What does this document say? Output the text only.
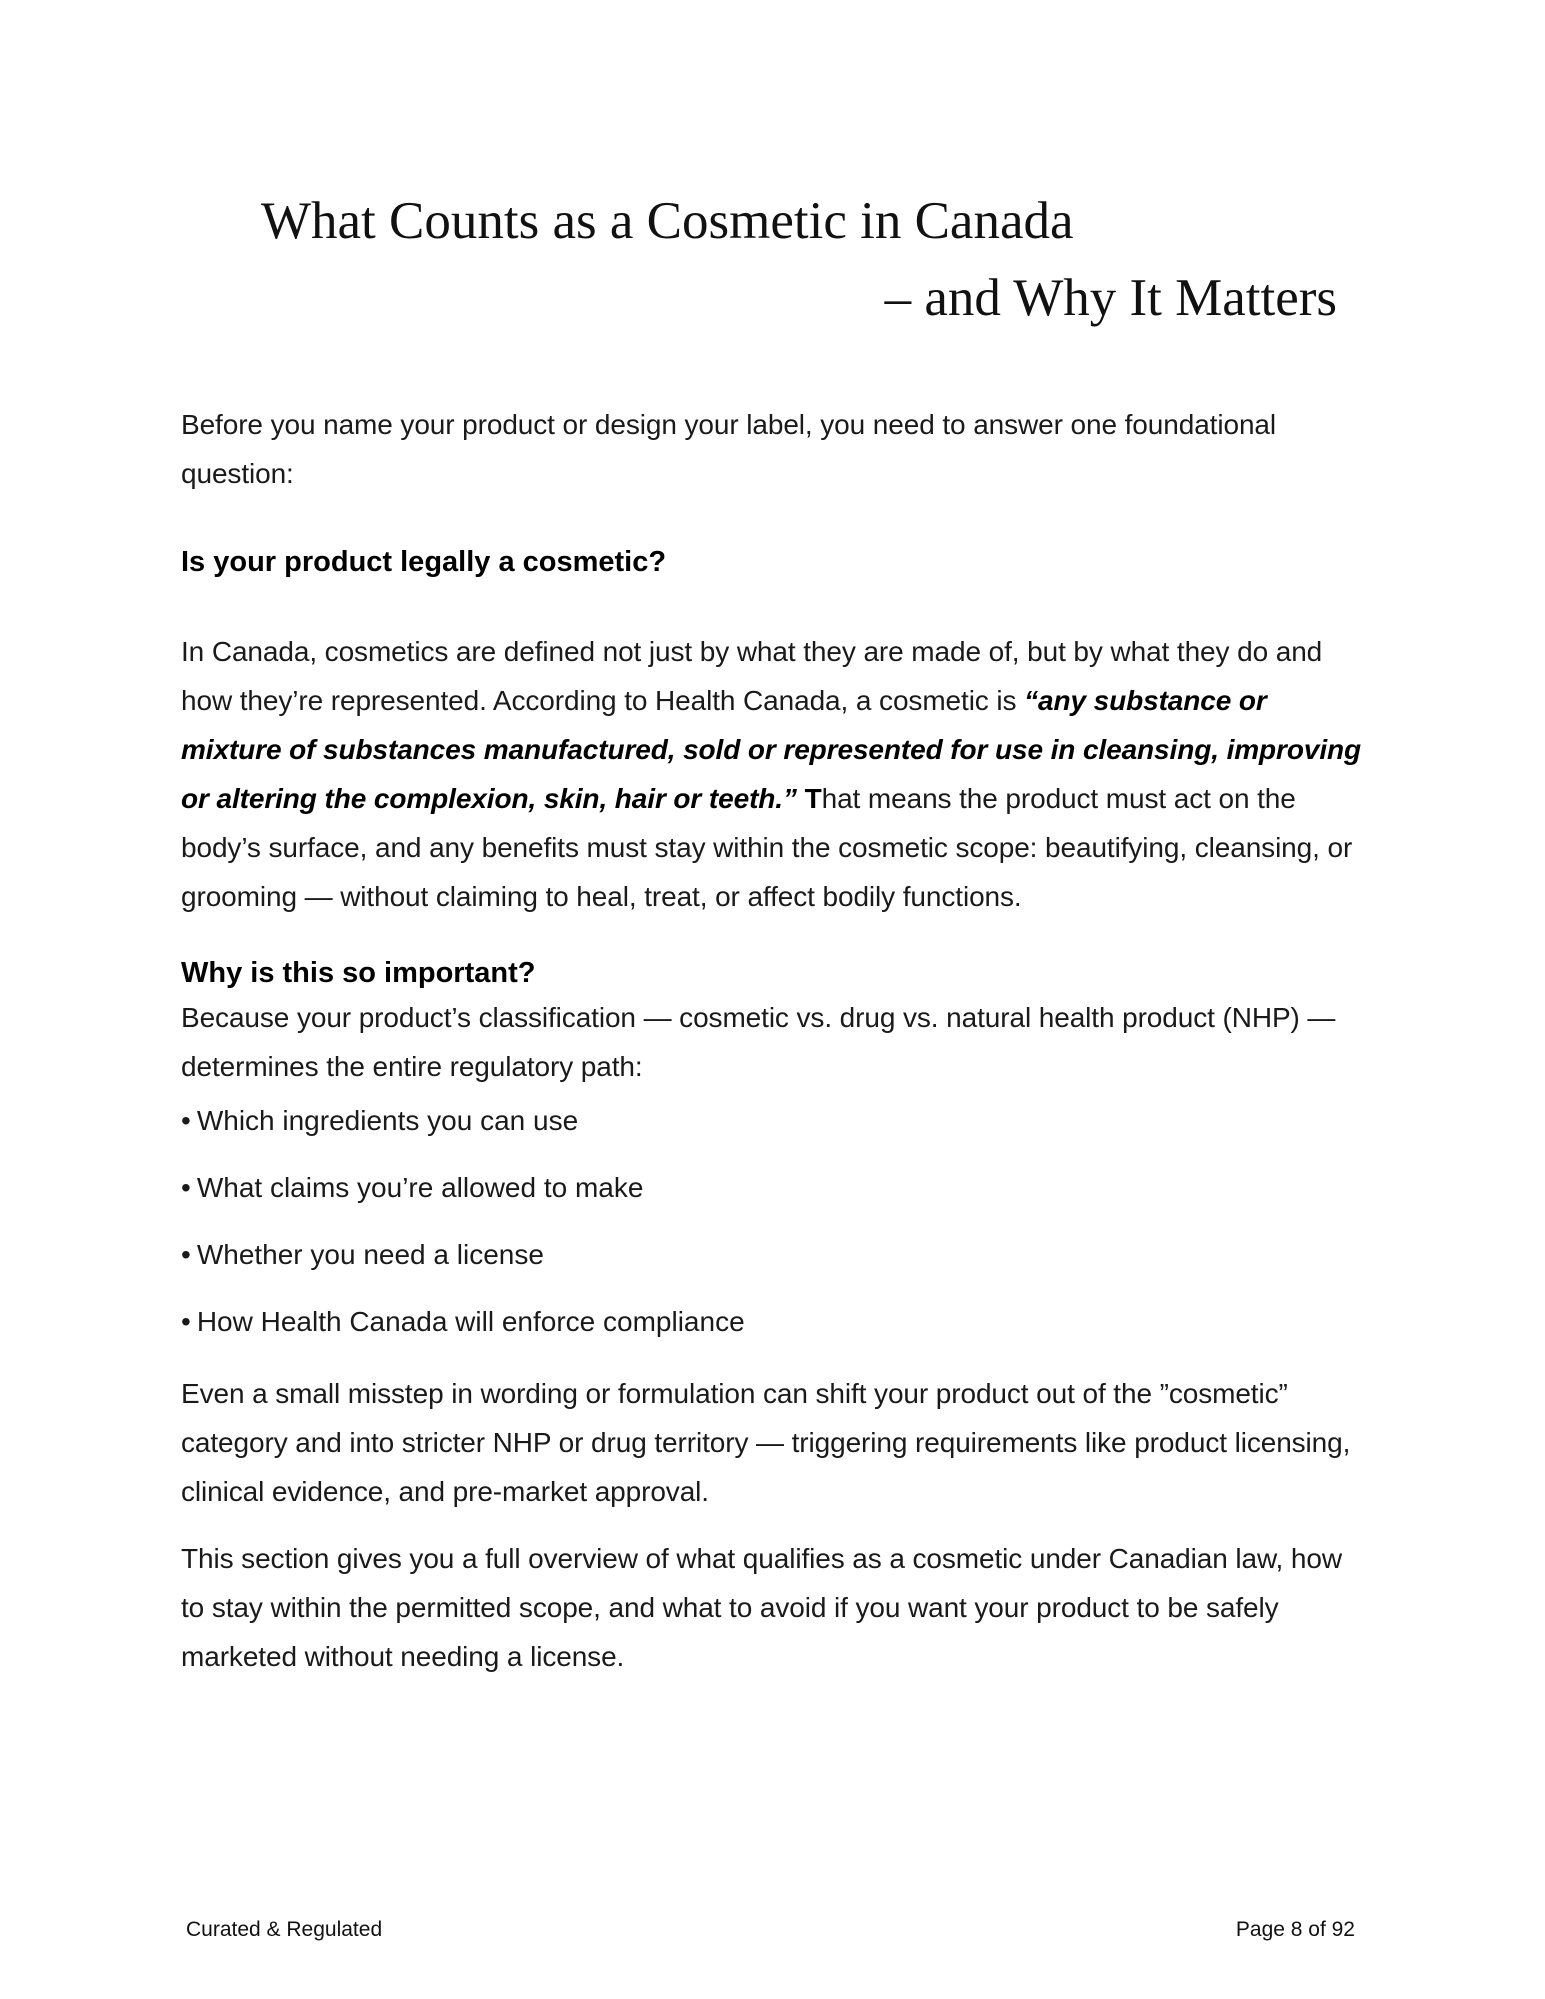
What Counts as a Cosmetic in Canada
– and Why It Matters

Before you name your product or design your label, you need to answer one foundational question:

Is your product legally a cosmetic?

In Canada, cosmetics are defined not just by what they are made of, but by what they do and how they’re represented. According to Health Canada, a cosmetic is “any substance or mixture of substances manufactured, sold or represented for use in cleansing, improving or altering the complexion, skin, hair or teeth.” That means the product must act on the body’s surface, and any benefits must stay within the cosmetic scope: beautifying, cleansing, or grooming — without claiming to heal, treat, or affect bodily functions.

Why is this so important?

Because your product’s classification — cosmetic vs. drug vs. natural health product (NHP) — determines the entire regulatory path:

• Which ingredients you can use
• What claims you’re allowed to make
• Whether you need a license
• How Health Canada will enforce compliance

Even a small misstep in wording or formulation can shift your product out of the ”cosmetic” category and into stricter NHP or drug territory — triggering requirements like product licensing, clinical evidence, and pre-market approval.

This section gives you a full overview of what qualifies as a cosmetic under Canadian law, how to stay within the permitted scope, and what to avoid if you want your product to be safely marketed without needing a license.

Curated & Regulated	Page 8 of 92
